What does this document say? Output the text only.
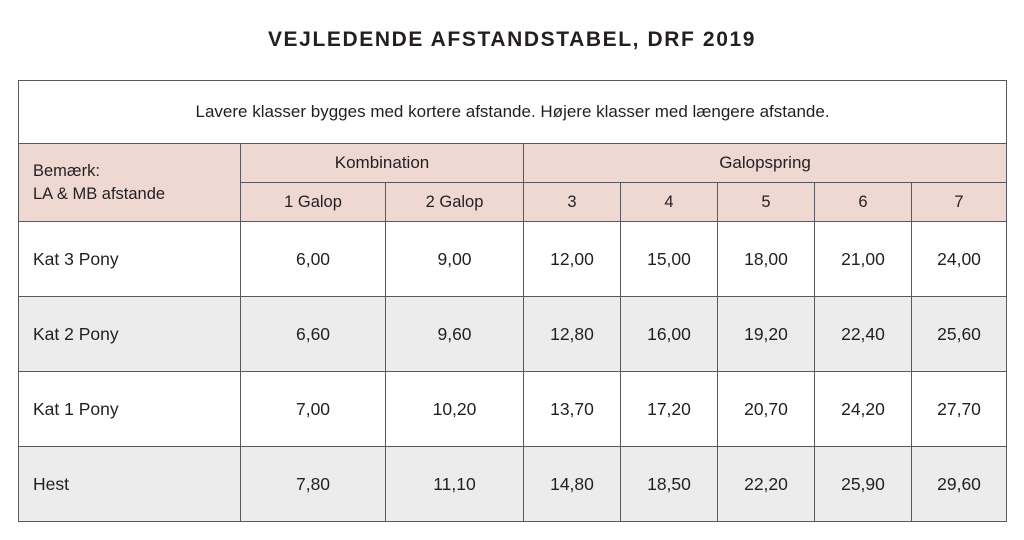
VEJLEDENDE AFSTANDSTABEL, DRF 2019
Lavere klasser bygges med kortere afstande. Højere klasser med længere afstande.							

Bemærk:
LA & MB afstande	Kombination		Galopspring				
	1 Galop	2 Galop	3	4	5	6	7
Kat 3 Pony	6,00	9,00	12,00	15,00	18,00	21,00	24,00
Kat 2 Pony	6,60	9,60	12,80	16,00	19,20	22,40	25,60
Kat 1 Pony	7,00	10,20	13,70	17,20	20,70	24,20	27,70
Hest	7,80	11,10	14,80	18,50	22,20	25,90	29,60
